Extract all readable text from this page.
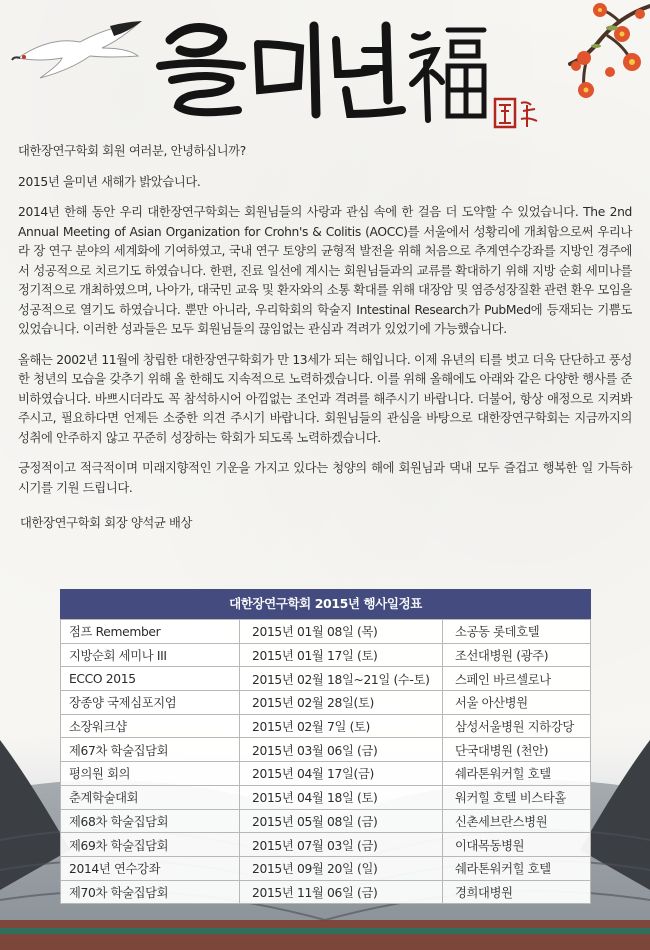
대한장연구학회 회원 여러분, 안녕하십니까?

2015년 을미년 새해가 밝았습니다.

2014년 한해 동안 우리 대한장연구학회는 회원님들의 사랑과 관심 속에 한 걸음 더 도약할 수 있었습니다. The 2nd Annual Meeting of Asian Organization for Crohn's & Colitis (AOCC)를 서울에서 성황리에 개최함으로써 우리나라 장 연구 분야의 세계화에 기여하였고, 국내 연구 토양의 균형적 발전을 위해 처음으로 추계연수강좌를 지방인 경주에서 성공적으로 치르기도 하였습니다. 한편, 진료 일선에 계시는 회원님들과의 교류를 확대하기 위해 지방 순회 세미나를 정기적으로 개최하였으며, 나아가, 대국민 교육 및 환자와의 소통 확대를 위해 대장암 및 염증성장질환 관련 환우 모임을 성공적으로 열기도 하였습니다. 뿐만 아니라, 우리학회의 학술지 Intestinal Research가 PubMed에 등재되는 기쁨도 있었습니다. 이러한 성과들은 모두 회원님들의 끊임없는 관심과 격려가 있었기에 가능했습니다.

올해는 2002년 11월에 창립한 대한장연구학회가 만 13세가 되는 해입니다. 이제 유년의 티를 벗고 더욱 단단하고 풍성한 청년의 모습을 갖추기 위해 올 한해도 지속적으로 노력하겠습니다. 이를 위해 올해에도 아래와 같은 다양한 행사를 준비하였습니다. 바쁘시더라도 꼭 참석하시어 아낌없는 조언과 격려를 해주시기 바랍니다. 더불어, 항상 애정으로 지켜봐주시고, 필요하다면 언제든 소중한 의견 주시기 바랍니다. 회원님들의 관심을 바탕으로 대한장연구학회는 지금까지의 성취에 안주하지 않고 꾸준히 성장하는 학회가 되도록 노력하겠습니다.

긍정적이고 적극적이며 미래지향적인 기운을 가지고 있다는 청양의 해에 회원님과 댁내 모두 즐겁고 행복한 일 가득하시기를 기원 드립니다.

대한장연구학회 회장 양석균 배상

대한장연구학회 2015년 행사일정표
점프 Remember	2015년 01월 08일 (목)	소공동 롯데호텔
지방순회 세미나 III	2015년 01월 17일 (토)	조선대병원 (광주)
ECCO 2015	2015년 02월 18일~21일 (수-토)	스페인 바르셀로나
장종양 국제심포지엄	2015년 02월 28일(토)	서울 아산병원
소장워크샵	2015년 02월 7일 (토)	삼성서울병원 지하강당
제67차 학술집담회	2015년 03월 06일 (금)	단국대병원 (천안)
평의원 회의	2015년 04월 17일(금)	쉐라톤워커힐 호텔
춘계학술대회	2015년 04월 18일 (토)	워커힐 호텔 비스타홀
제68차 학술집담회	2015년 05월 08일 (금)	신촌세브란스병원
제69차 학술집담회	2015년 07월 03일 (금)	이대목동병원
2014년 연수강좌	2015년 09월 20일 (일)	쉐라톤워커힐 호텔
제70차 학술집담회	2015년 11월 06일 (금)	경희대병원
